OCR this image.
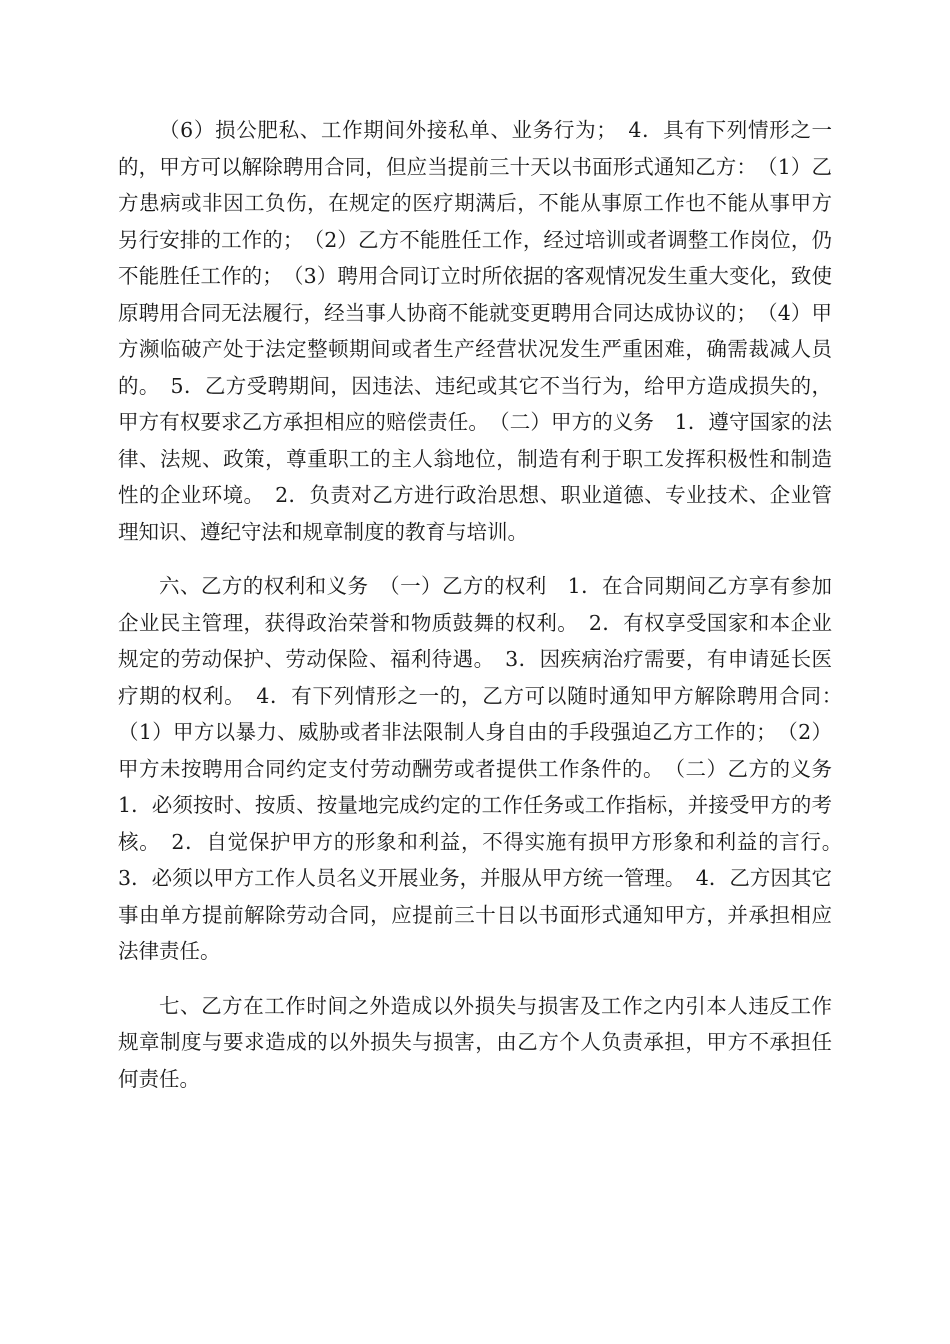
（6）损公肥私、工作期间外接私单、业务行为；　4．具有下列情形之一的，甲方可以解除聘用合同，但应当提前三十天以书面形式通知乙方：　（1）乙方患病或非因工负伤，在规定的医疗期满后，不能从事原工作也不能从事甲方另行安排的工作的；　（2）乙方不能胜任工作，经过培训或者调整工作岗位，仍不能胜任工作的；　（3）聘用合同订立时所依据的客观情况发生重大变化，致使原聘用合同无法履行，经当事人协商不能就变更聘用合同达成协议的；　（4）甲方濒临破产处于法定整顿期间或者生产经营状况发生严重困难，确需裁减人员的。　5．乙方受聘期间，因违法、违纪或其它不当行为，给甲方造成损失的，甲方有权要求乙方承担相应的赔偿责任。　（二）甲方的义务　1．遵守国家的法律、法规、政策，尊重职工的主人翁地位，制造有利于职工发挥积极性和制造性的企业环境。　2．负责对乙方进行政治思想、职业道德、专业技术、企业管理知识、遵纪守法和规章制度的教育与培训。

六、乙方的权利和义务　（一）乙方的权利　1．在合同期间乙方享有参加企业民主管理，获得政治荣誉和物质鼓舞的权利。　2．有权享受国家和本企业规定的劳动保护、劳动保险、福利待遇。　3．因疾病治疗需要，有申请延长医疗期的权利。　4．有下列情形之一的，乙方可以随时通知甲方解除聘用合同：　（1）甲方以暴力、威胁或者非法限制人身自由的手段强迫乙方工作的；　（2）甲方未按聘用合同约定支付劳动酬劳或者提供工作条件的。　（二）乙方的义务　1．必须按时、按质、按量地完成约定的工作任务或工作指标，并接受甲方的考核。　2．自觉保护甲方的形象和利益，不得实施有损甲方形象和利益的言行。　3．必须以甲方工作人员名义开展业务，并服从甲方统一管理。　4．乙方因其它事由单方提前解除劳动合同，应提前三十日以书面形式通知甲方，并承担相应法律责任。

七、乙方在工作时间之外造成以外损失与损害及工作之内引本人违反工作规章制度与要求造成的以外损失与损害，由乙方个人负责承担，甲方不承担任何责任。
